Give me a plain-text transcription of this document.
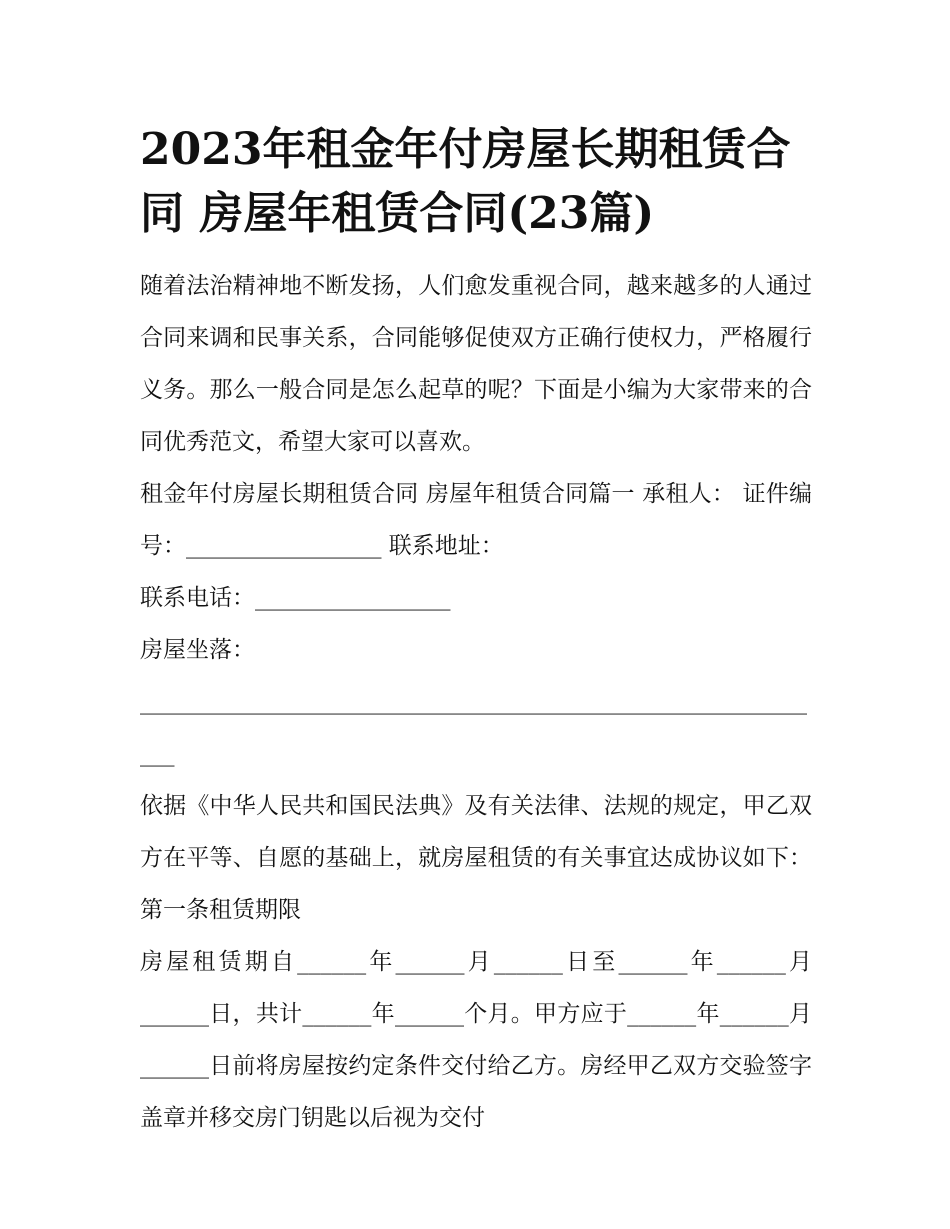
2023年租金年付房屋长期租赁合同 房屋年租赁合同(23篇)

随着法治精神地不断发扬，人们愈发重视合同，越来越多的人通过合同来调和民事关系，合同能够促使双方正确行使权力，严格履行义务。那么一般合同是怎么起草的呢？下面是小编为大家带来的合同优秀范文，希望大家可以喜欢。

租金年付房屋长期租赁合同 房屋年租赁合同篇一 承租人： 证件编号：_________________ 联系地址：

联系电话：_________________

房屋坐落：

_____________________________________________________________

依据《中华人民共和国民法典》及有关法律、法规的规定，甲乙双方在平等、自愿的基础上，就房屋租赁的有关事宜达成协议如下： 第一条租赁期限

房屋租赁期自______年______月______日至______年______月______日，共计______年______个月。甲方应于______年______月______日前将房屋按约定条件交付给乙方。房经甲乙双方交验签字盖章并移交房门钥匙以后视为交付
